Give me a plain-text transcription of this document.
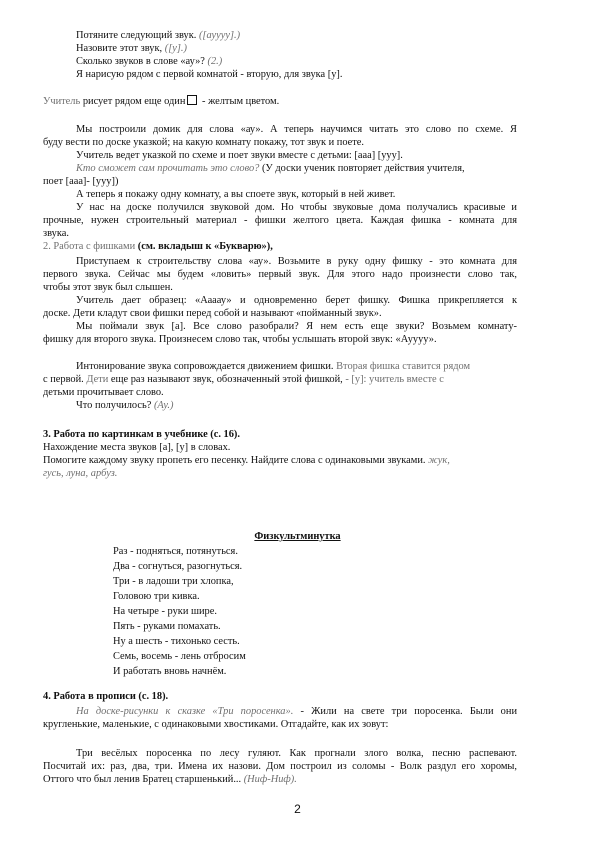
Потяните следующий звук. ([ауууу].)
Назовите этот звук, ([у].)
Сколько звуков в слове «ау»? (2.)
Я нарисую рядом с первой комнатой - вторую, для звука [у].
Учитель рисует рядом еще один - желтым цветом.
Мы построили домик для слова «ау». А теперь научимся читать это слово по схеме. Я
буду вести по доске указкой; на какую комнату покажу, тот звук и поете.
Учитель ведет указкой по схеме и поет звуки вместе с детьми: [ааа] [ууу].
Кто сможет сам прочитать это слово? (У доски ученик повторяет действия учителя,
поет [ааа]- [ууу])
А теперь я покажу одну комнату, а вы споете звук, который в ней живет.
У нас на доске получился звуковой дом. Но чтобы звуковые дома получались красивые и
прочные, нужен строительный материал - фишки желтого цвета. Каждая фишка - комната для
звука.
2. Работа с фишками (см. вкладыш к «Букварю»),
Приступаем к строительству слова «ау». Возьмите в руку одну фишку - это комната для
первого звука. Сейчас мы будем «ловить» первый звук. Для этого надо произнести слово так,
чтобы этот звук был слышен.
Учитель дает образец: «Аааау» и одновременно берет фишку. Фишка прикрепляется к
доске. Дети кладут свои фишки перед собой и называют «пойманный звук».
Мы поймали звук [а]. Все слово разобрали? Я нем есть еще звуки? Возьмем комнату-
фишку для второго звука. Произнесем слово так, чтобы услышать второй звук: «Ауууу».
Интонирование звука сопровождается движением фишки. Вторая фишка ставится рядом
с первой. Дети еще раз называют звук, обозначенный этой фишкой, - [у]: учитель вместе с
детьми прочитывает слово.
Что получилось? (Ау.)
3. Работа по картинкам в учебнике (с. 16).
Нахождение места звуков [а], [у] в словах.
Помогите каждому звуку пропеть его песенку. Найдите слова с одинаковыми звуками. жук,
гусь, луна, арбуз.
Физкультминутка
Раз - подняться, потянуться.
Два - согнуться, разогнуться.
Три - в ладоши три хлопка,
Головою три кивка.
На четыре - руки шире.
Пять - руками помахать.
Ну а шесть - тихонько сесть.
Семь, восемь - лень отбросим
И работать вновь начнём.
4. Работа в прописи (с. 18).
На доске-рисунки к сказке «Три поросенка». - Жили на свете три поросенка. Были они
кругленькие, маленькие, с одинаковыми хвостиками. Отгадайте, как их зовут:
Три весёлых поросенка по лесу гуляют. Как прогнали злого волка, песню распевают.
Посчитай их: раз, два, три. Имена их назови. Дом построил из соломы - Волк раздул его хоромы,
Оттого что был ленив Братец старшенький... (Ниф-Ниф).
2
